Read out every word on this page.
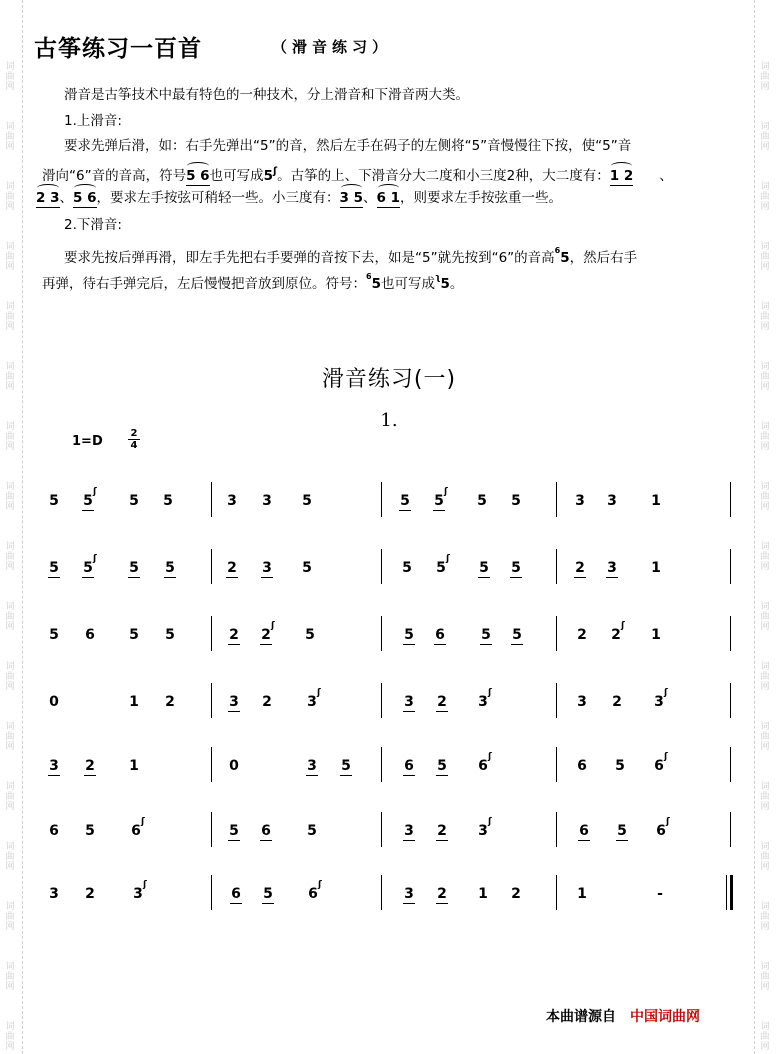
词
曲
网
词
曲
网
词
曲
网
词
曲
网
词
曲
网
词
曲
网
词
曲
网
词
曲
网
词
曲
网
词
曲
网
词
曲
网
词
曲
网
词
曲
网
词
曲
网
词
曲
网
词
曲
网
词
曲
网
词
曲
网
词
曲
网
词
曲
网
词
曲
网
词
曲
网
词
曲
网
词
曲
网
词
曲
网
词
曲
网
词
曲
网
词
曲
网
词
曲
网
词
曲
网
词
曲
网
词
曲
网
词
曲
网
词
曲
网
古筝练习一百首	（滑音练习）
滑音是古筝技术中最有特色的一种技术，分上滑音和下滑音两大类。
1.上滑音:
要求先弹后滑，如：右手先弹出“5”的音，然后左手在码子的左侧将“5”音慢慢往下按，使“5”音
滑向“6”音的音高，符号5 6也可写成$5^ʃ$。古筝的上、下滑音分大二度和小三度2种，大二度有：1 2 、
2 3、5 6，要求左手按弦可稍轻一些。小三度有：3 5、6 1，则要求左手按弦重一些。
2.下滑音:
要求先按后弹再滑，即左手先把右手要弹的音按下去，如是“5”就先按到“6”的音高$^6$5，然后右手
再弹，待右手弹完后，左后慢慢把音放到原位。符号：$^6$5也可写成$^ʅ$5。
滑音练习(一)
1.
1=D
2
4
5 5
ʃ
5 5	3 3 5	5 5
ʃ
5 5	3 3 1
5 5
ʃ
5 5	2 3 5	5 5
ʃ
5 5	2 3 1
5 6 5 5	2 2
ʃ
5	5 6	5 5	2 2
ʃ
1
0	1 2	3 2	3
ʃ
3 2 3
ʃ
3 2 3
ʃ
3 2 1	0	3 5	6 5 6
ʃ
6 5 6
ʃ
6 5	6
ʃ
5 6	5	3 2 3
ʃ
6 5 6
ʃ
3 2	3
ʃ
6 5	6
ʃ
3 2 1 2	1	-
本曲谱源自 中国词曲网
